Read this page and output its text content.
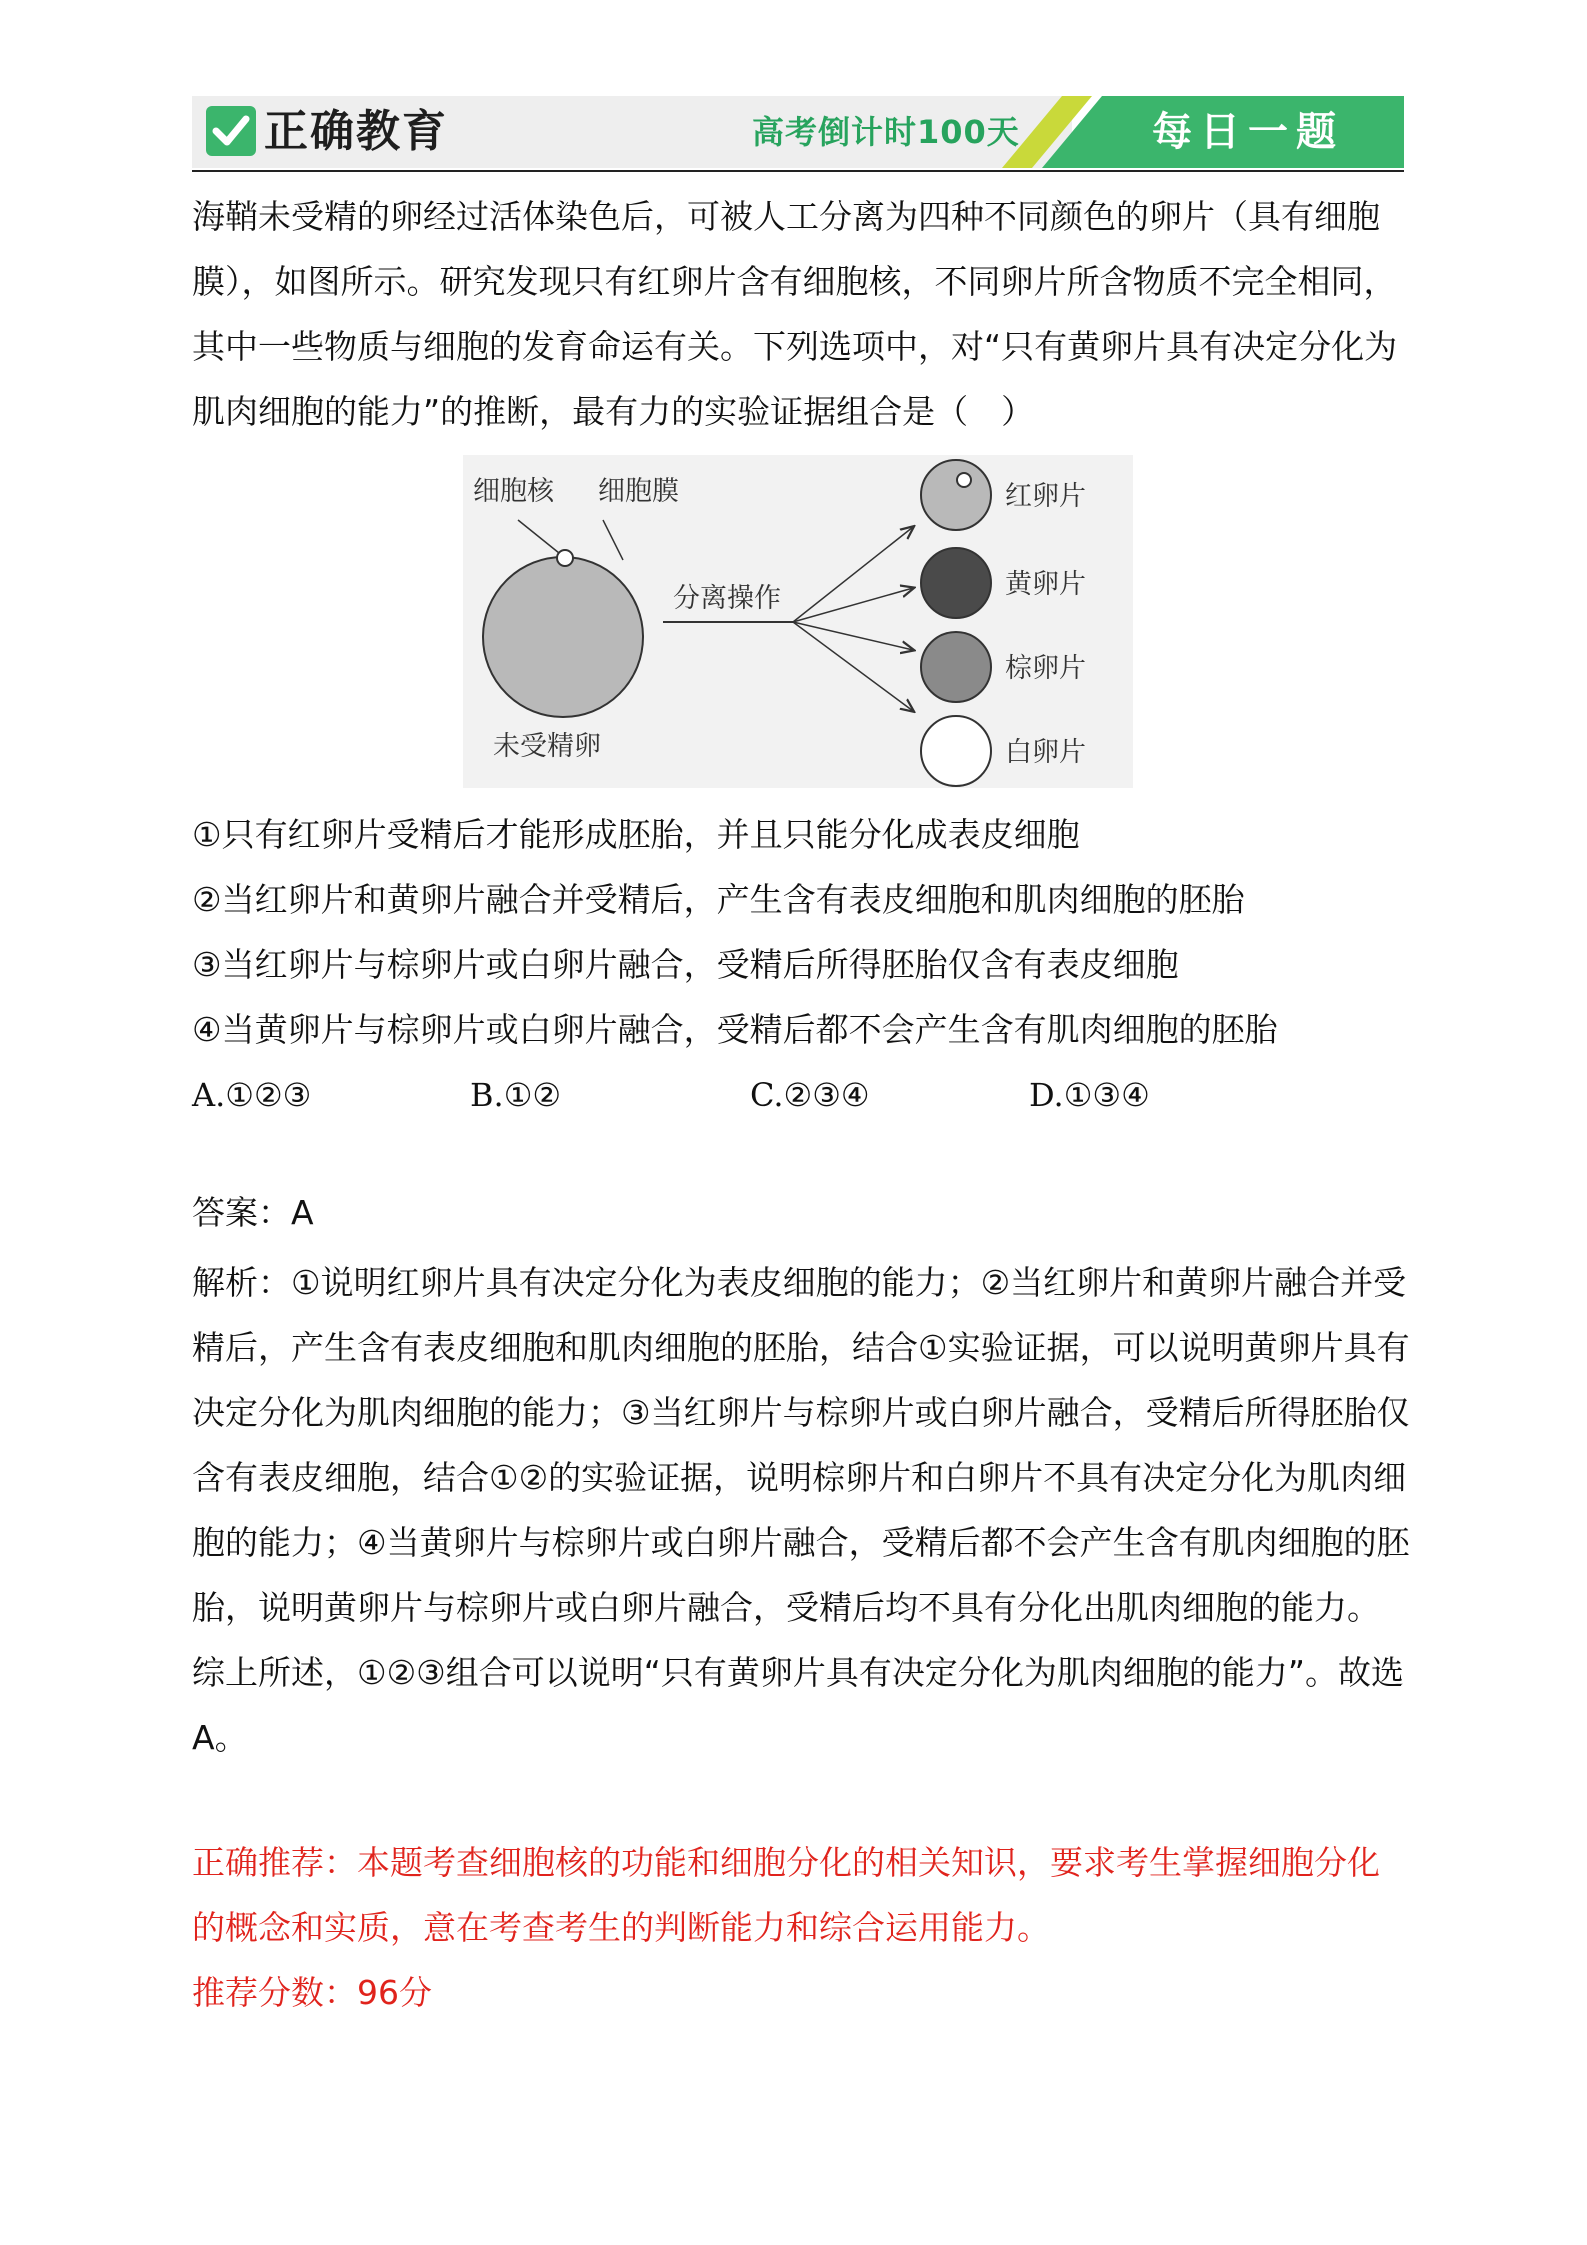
正确教育	高考倒计时100天	每日一题

海鞘未受精的卵经过活体染色后，可被人工分离为四种不同颜色的卵片（具有细胞膜），如图所示。研究发现只有红卵片含有细胞核，不同卵片所含物质不完全相同，其中一些物质与细胞的发育命运有关。下列选项中，对“只有黄卵片具有决定分化为肌肉细胞的能力”的推断，最有力的实验证据组合是（　）

细胞核 细胞膜
未受精卵
分离操作
红卵片
黄卵片
棕卵片
白卵片

①只有红卵片受精后才能形成胚胎，并且只能分化成表皮细胞

②当红卵片和黄卵片融合并受精后，产生含有表皮细胞和肌肉细胞的胚胎

③当红卵片与棕卵片或白卵片融合，受精后所得胚胎仅含有表皮细胞

④当黄卵片与棕卵片或白卵片融合，受精后都不会产生含有肌肉细胞的胚胎

A.①②③	B.①②	C.②③④	D.①③④
答案：A

解析：①说明红卵片具有决定分化为表皮细胞的能力；②当红卵片和黄卵片融合并受精后，产生含有表皮细胞和肌肉细胞的胚胎，结合①实验证据，可以说明黄卵片具有决定分化为肌肉细胞的能力；③当红卵片与棕卵片或白卵片融合，受精后所得胚胎仅含有表皮细胞，结合①②的实验证据，说明棕卵片和白卵片不具有决定分化为肌肉细胞的能力；④当黄卵片与棕卵片或白卵片融合，受精后都不会产生含有肌肉细胞的胚胎，说明黄卵片与棕卵片或白卵片融合，受精后均不具有分化出肌肉细胞的能力。综上所述，①②③组合可以说明“只有黄卵片具有决定分化为肌肉细胞的能力”。故选A。

正确推荐：本题考查细胞核的功能和细胞分化的相关知识，要求考生掌握细胞分化的概念和实质，意在考查考生的判断能力和综合运用能力。

推荐分数：96分
